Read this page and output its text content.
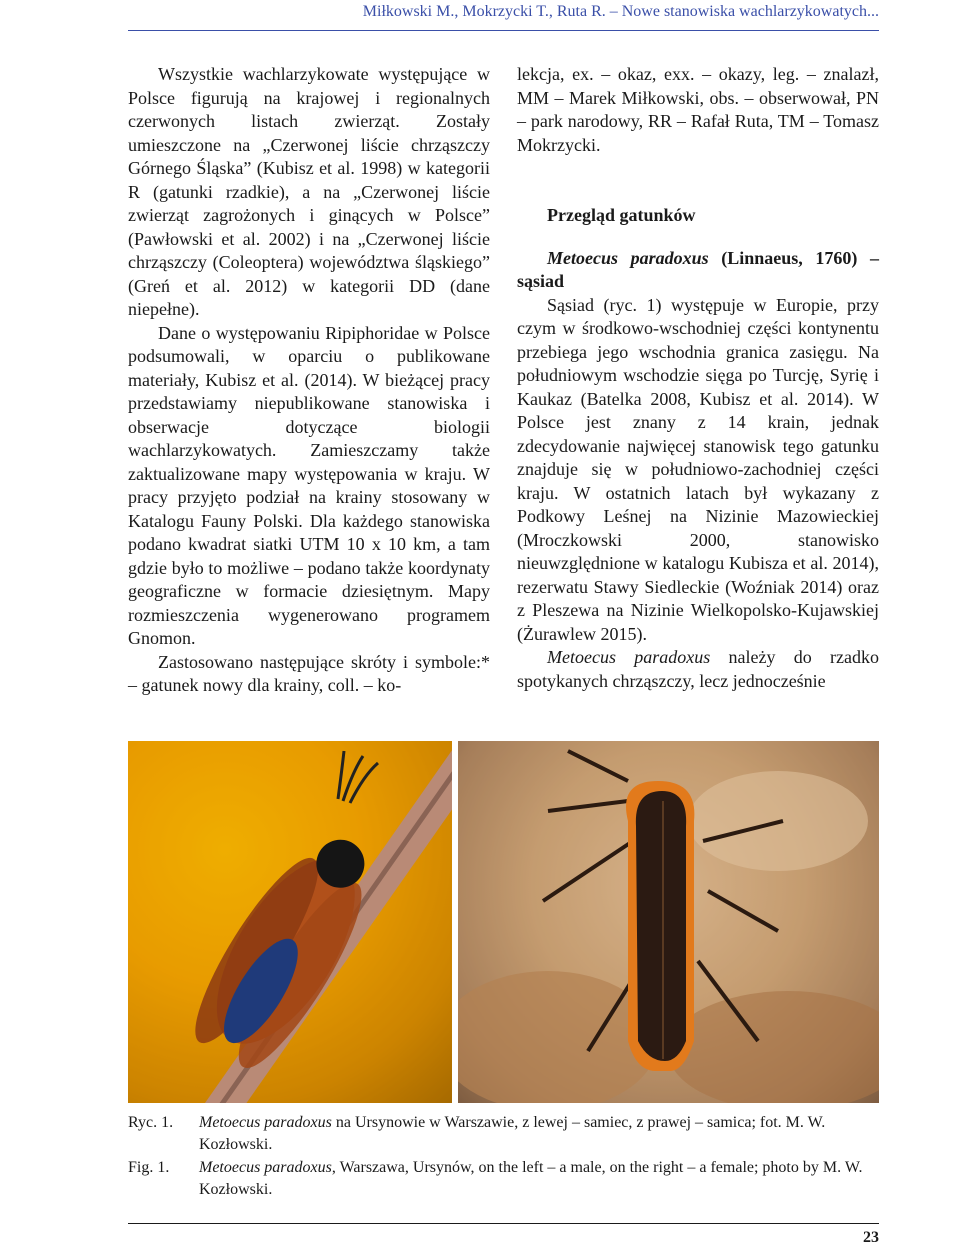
Miłkowski M., Mokrzycki T., Ruta R. – Nowe stanowiska wachlarzykowatych...

Wszystkie wachlarzykowate występujące w Polsce figurują na krajowej i regionalnych czerwonych listach zwierząt. Zostały umieszczone na „Czerwonej liście chrząszczy Górnego Śląska” (Kubisz et al. 1998) w kategorii R (gatunki rzadkie), a na „Czerwonej liście zwierząt zagrożonych i ginących w Polsce” (Pawłowski et al. 2002) i na „Czerwonej liście chrząszczy (Coleoptera) województwa śląskiego” (Greń et al. 2012) w kategorii DD (dane niepełne).

Dane o występowaniu Ripiphoridae w Polsce podsumowali, w oparciu o publikowane materiały, Kubisz et al. (2014). W bieżącej pracy przedstawiamy niepublikowane stanowiska i obserwacje dotyczące biologii wachlarzykowatych. Zamieszczamy także zaktualizowane mapy występowania w kraju. W pracy przyjęto podział na krainy stosowany w Katalogu Fauny Polski. Dla każdego stanowiska podano kwadrat siatki UTM 10 x 10 km, a tam gdzie było to możliwe – podano także koordynaty geograficzne w formacie dziesiętnym. Mapy rozmieszczenia wygenerowano programem Gnomon.

Zastosowano następujące skróty i symbole:* – gatunek nowy dla krainy, coll. – ko-

lekcja, ex. – okaz, exx. – okazy, leg. – znalazł, MM – Marek Miłkowski, obs. – obserwował, PN – park narodowy, RR – Rafał Ruta, TM – Tomasz Mokrzycki.

Przegląd gatunków
Metoecus paradoxus (Linnaeus, 1760) – sąsiad

Sąsiad (ryc. 1) występuje w Europie, przy czym w środkowo-wschodniej części kontynentu przebiega jego wschodnia granica zasięgu. Na południowym wschodzie sięga po Turcję, Syrię i Kaukaz (Batelka 2008, Kubisz et al. 2014). W Polsce jest znany z 14 krain, jednak zdecydowanie najwięcej stanowisk tego gatunku znajduje się w południowo-zachodniej części kraju. W ostatnich latach był wykazany z Podkowy Leśnej na Nizinie Mazowieckiej (Mroczkowski 2000, stanowisko nieuwzględnione w katalogu Kubisza et al. 2014), rezerwatu Stawy Siedleckie (Woźniak 2014) oraz z Pleszewa na Nizinie Wielkopolsko-Kujawskiej (Żurawlew 2015).

Metoecus paradoxus należy do rzadko spotykanych chrząszczy, lecz jednocześnie

Ryc. 1.	Metoecus paradoxus na Ursynowie w Warszawie, z lewej – samiec, z prawej – samica; fot. M. W. Kozłowski.
Fig. 1.	Metoecus paradoxus, Warszawa, Ursynów, on the left – a male, on the right – a female; photo by M. W. Kozłowski.
23
